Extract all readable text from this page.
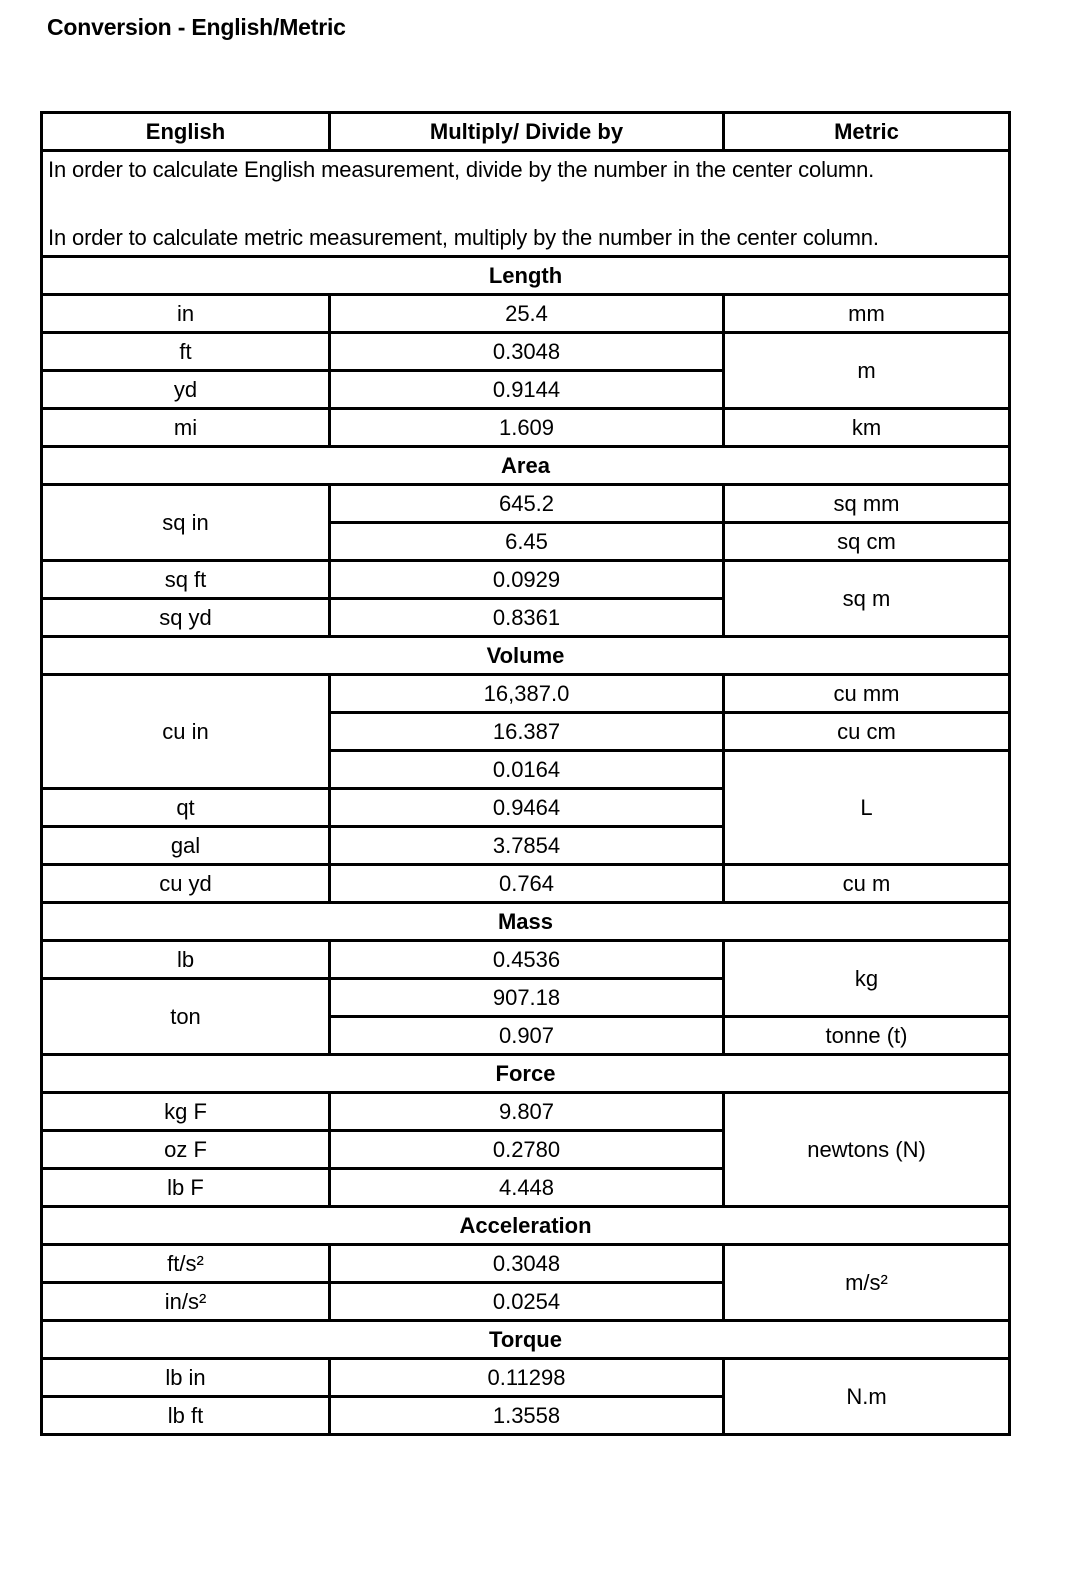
Conversion - English/Metric
English	Multiply/ Divide by	Metric

In order to calculate English measurement, divide by the number in the center column.
In order to calculate metric measurement, multiply by the number in the center column.		

Length		
in	25.4	mm
ft	0.3048	m
yd	0.9144	
mi	1.609	km
Area		
sq in	645.2	sq mm
	6.45	sq cm
sq ft	0.0929	sq m
sq yd	0.8361	
Volume		
cu in	16,387.0	cu mm
	16.387	cu cm
	0.0164	L
qt	0.9464	
gal	3.7854	
cu yd	0.764	cu m
Mass		
lb	0.4536	kg
ton	907.18	
	0.907	tonne (t)
Force		
kg F	9.807	newtons (N)
oz F	0.2780	
lb F	4.448	
Acceleration		
ft/s²	0.3048	m/s²
in/s²	0.0254	
Torque		
lb in	0.11298	N.m
lb ft	1.3558	
